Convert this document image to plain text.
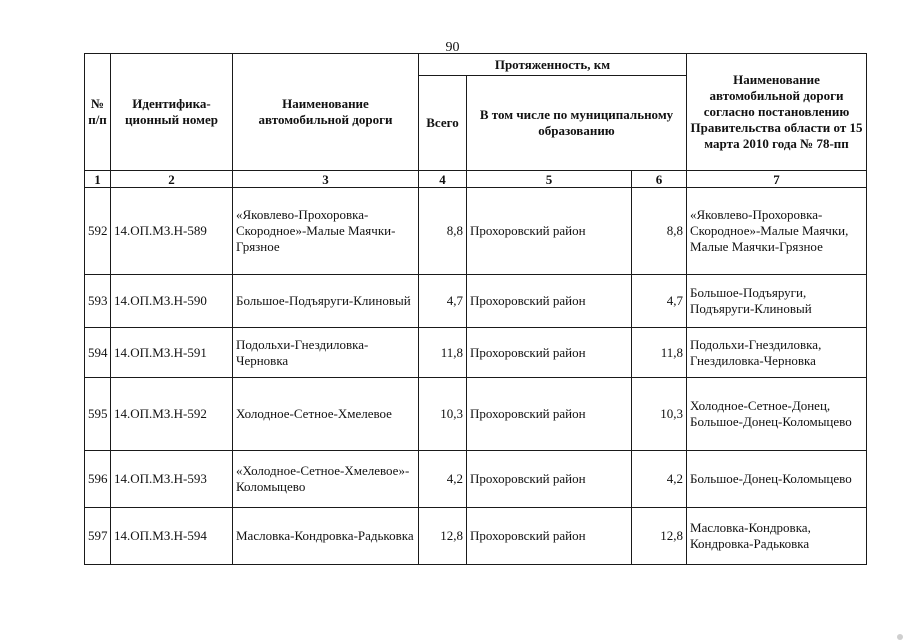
90
№ п/п	Идентифика-ционный номер	Наименование автомобильной дороги	Протяженность, км			Наименование автомобильной дороги согласно постановлению Правительства области от 15 марта 2010 года № 78-пп
			Всего	В том числе по муниципальному образованию		
1	2	3	4	5	6	7
592	14.ОП.МЗ.Н-589	«Яковлево-Прохоровка-Скородное»-Малые Маячки-Грязное	8,8	Прохоровский район	8,8	«Яковлево-Прохоровка-Скородное»-Малые Маячки, Малые Маячки-Грязное
593	14.ОП.МЗ.Н-590	Большое-Подъяруги-Клиновый	4,7	Прохоровский район	4,7	Большое-Подъяруги, Подъяруги-Клиновый
594	14.ОП.МЗ.Н-591	Подольхи-Гнездиловка-Черновка	11,8	Прохоровский район	11,8	Подольхи-Гнездиловка, Гнездиловка-Черновка
595	14.ОП.МЗ.Н-592	Холодное-Сетное-Хмелевое	10,3	Прохоровский район	10,3	Холодное-Сетное-Донец, Большое-Донец-Коломыцево
596	14.ОП.МЗ.Н-593	«Холодное-Сетное-Хмелевое»-Коломыцево	4,2	Прохоровский район	4,2	Большое-Донец-Коломыцево
597	14.ОП.МЗ.Н-594	Масловка-Кондровка-Радьковка	12,8	Прохоровский район	12,8	Масловка-Кондровка, Кондровка-Радьковка
